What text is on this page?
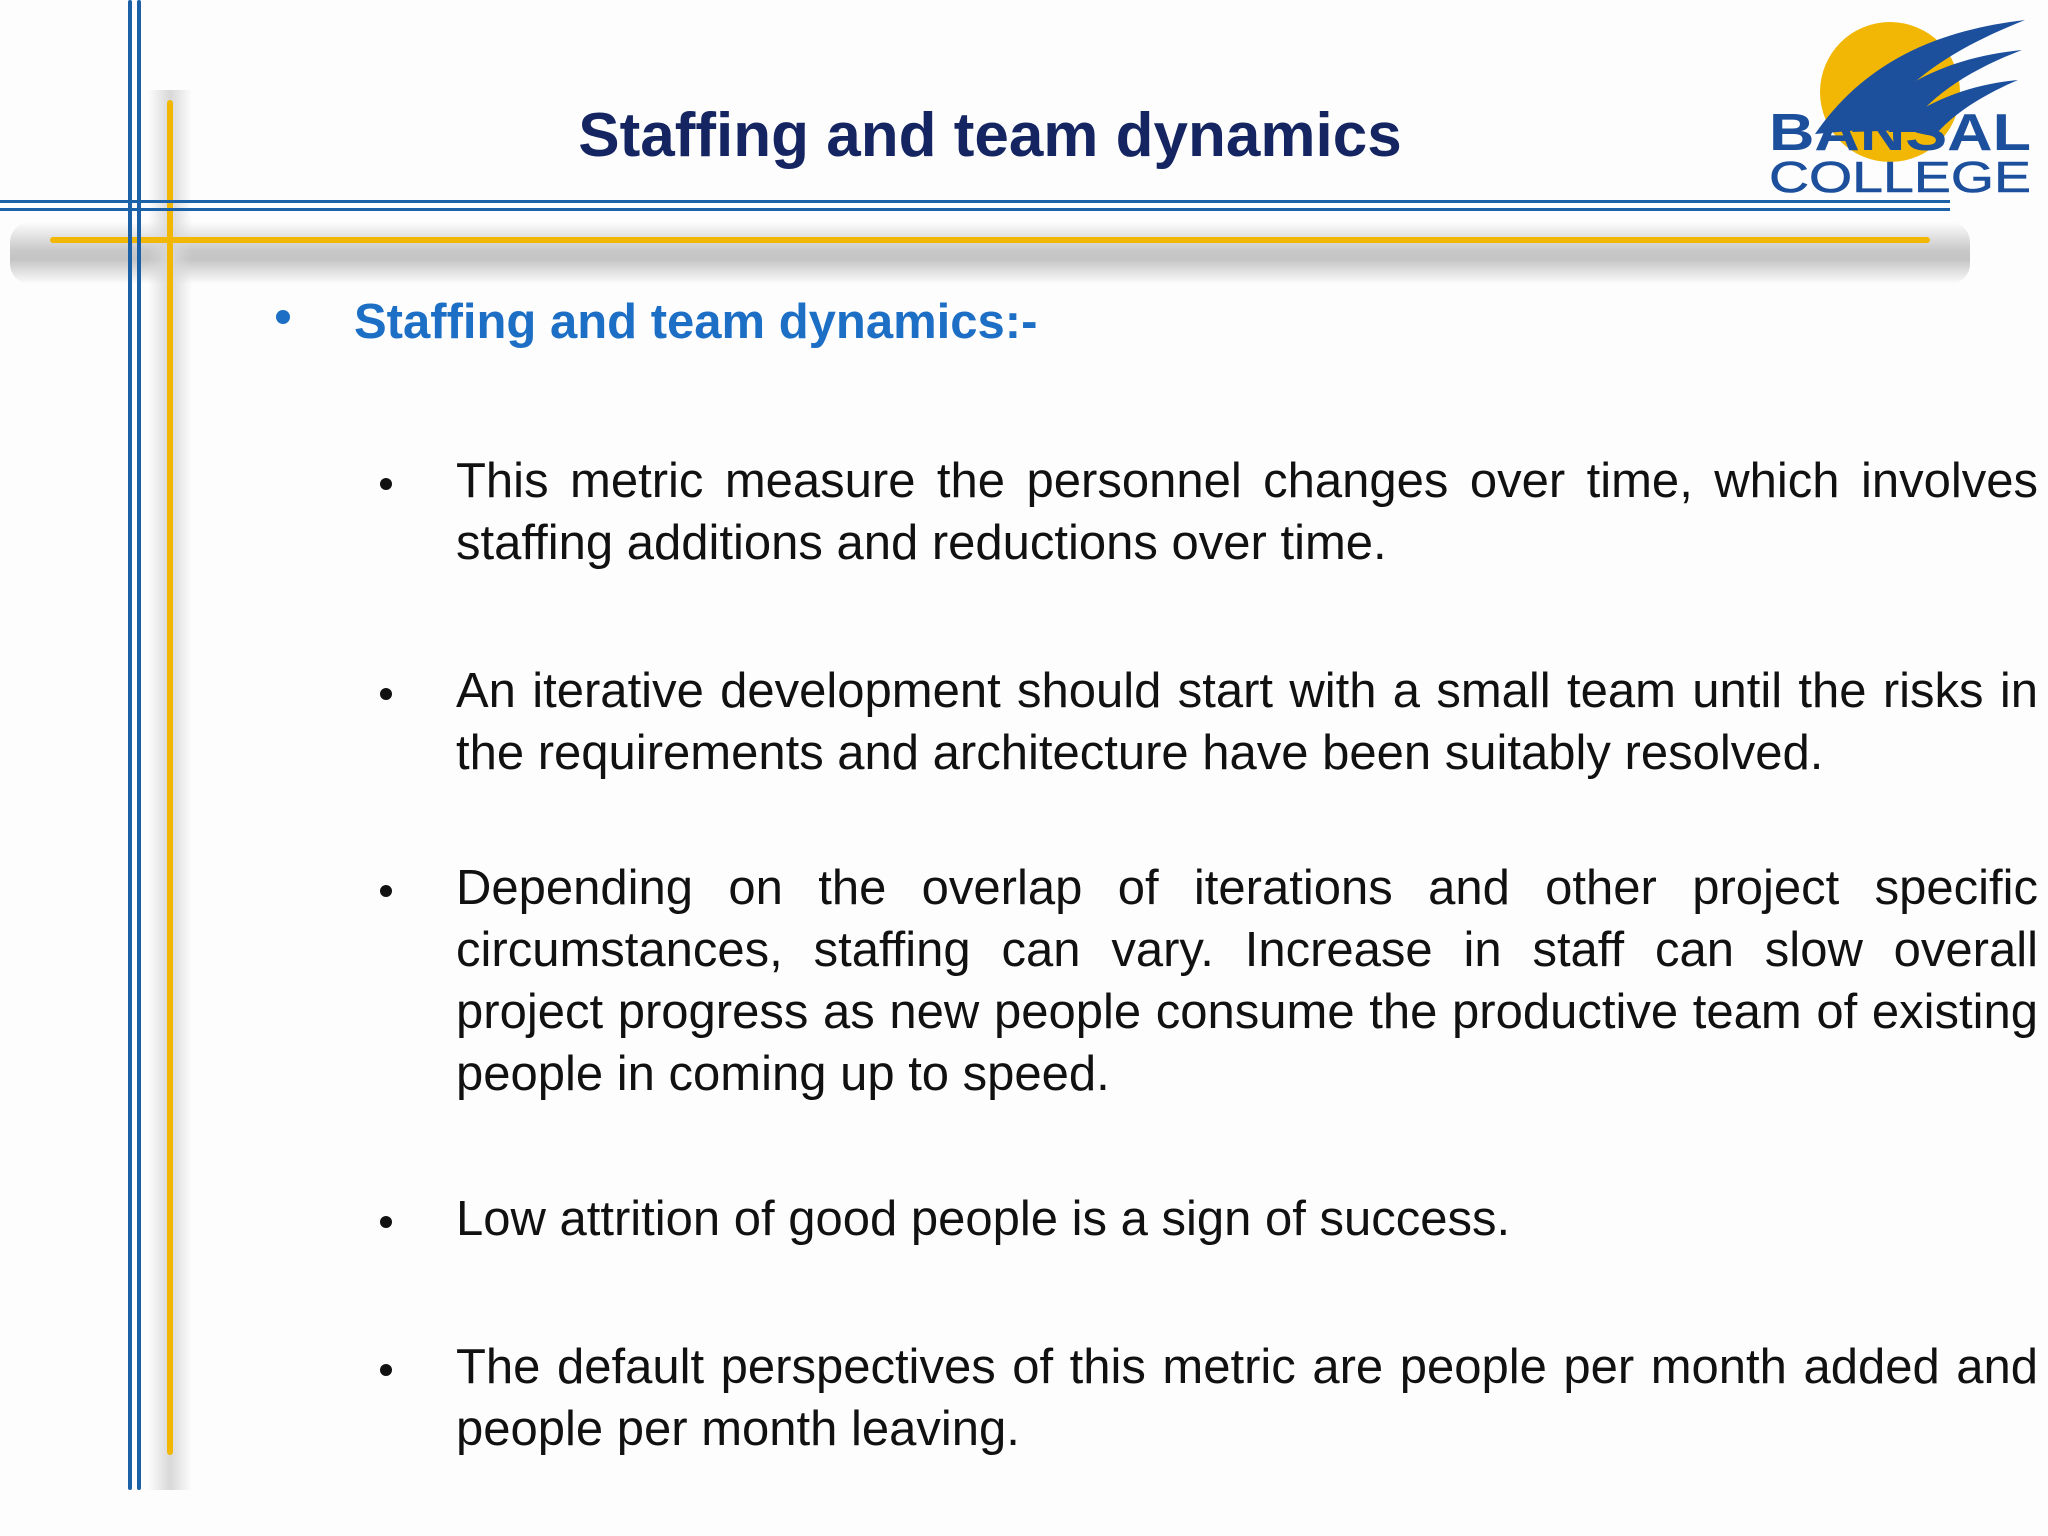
BANSAL
COLLEGE
Staffing and team dynamics
Staffing and team dynamics:-
This metric measure the personnel changes over time, which involves staffing additions and reductions over time.
An iterative development should start with a small team until the risks in the requirements and architecture have been suitably resolved.
Depending on the overlap of iterations and other project specific circumstances, staffing can vary. Increase in staff can slow overall project progress as new people consume the productive team of existing people in coming up to speed.
Low attrition of good people is a sign of success.
The default perspectives of this metric are people per month added and people per month leaving.
